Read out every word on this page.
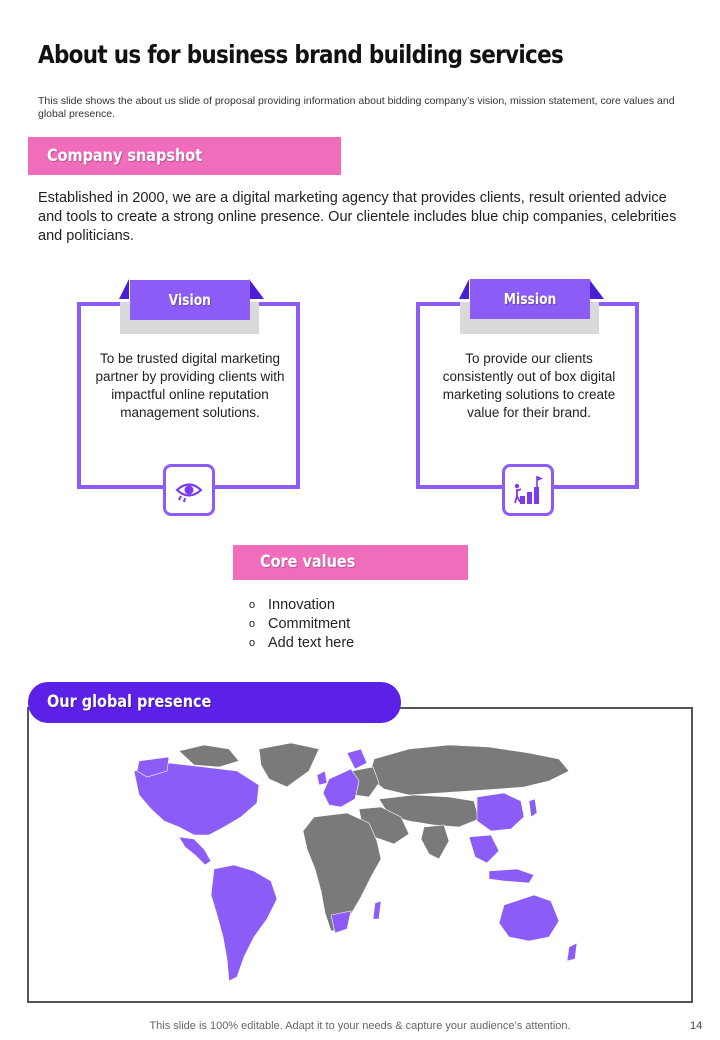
About us for business brand building services
This slide shows the about us slide of proposal providing information about bidding company’s vision, mission statement, core values and global presence.
Company snapshot
Established in 2000, we are a digital marketing agency that provides clients, result oriented advice and tools to create a strong online presence. Our clientele includes blue chip companies, celebrities and politicians.
Vision
To be trusted digital marketing partner by providing clients with impactful online reputation management solutions.
Mission
To provide our clients consistently out of box digital marketing solutions to create value for their brand.
Core values
o Innovation
o Commitment
o Add text here
Our global presence
This slide is 100% editable. Adapt it to your needs & capture your audience’s attention.	14
